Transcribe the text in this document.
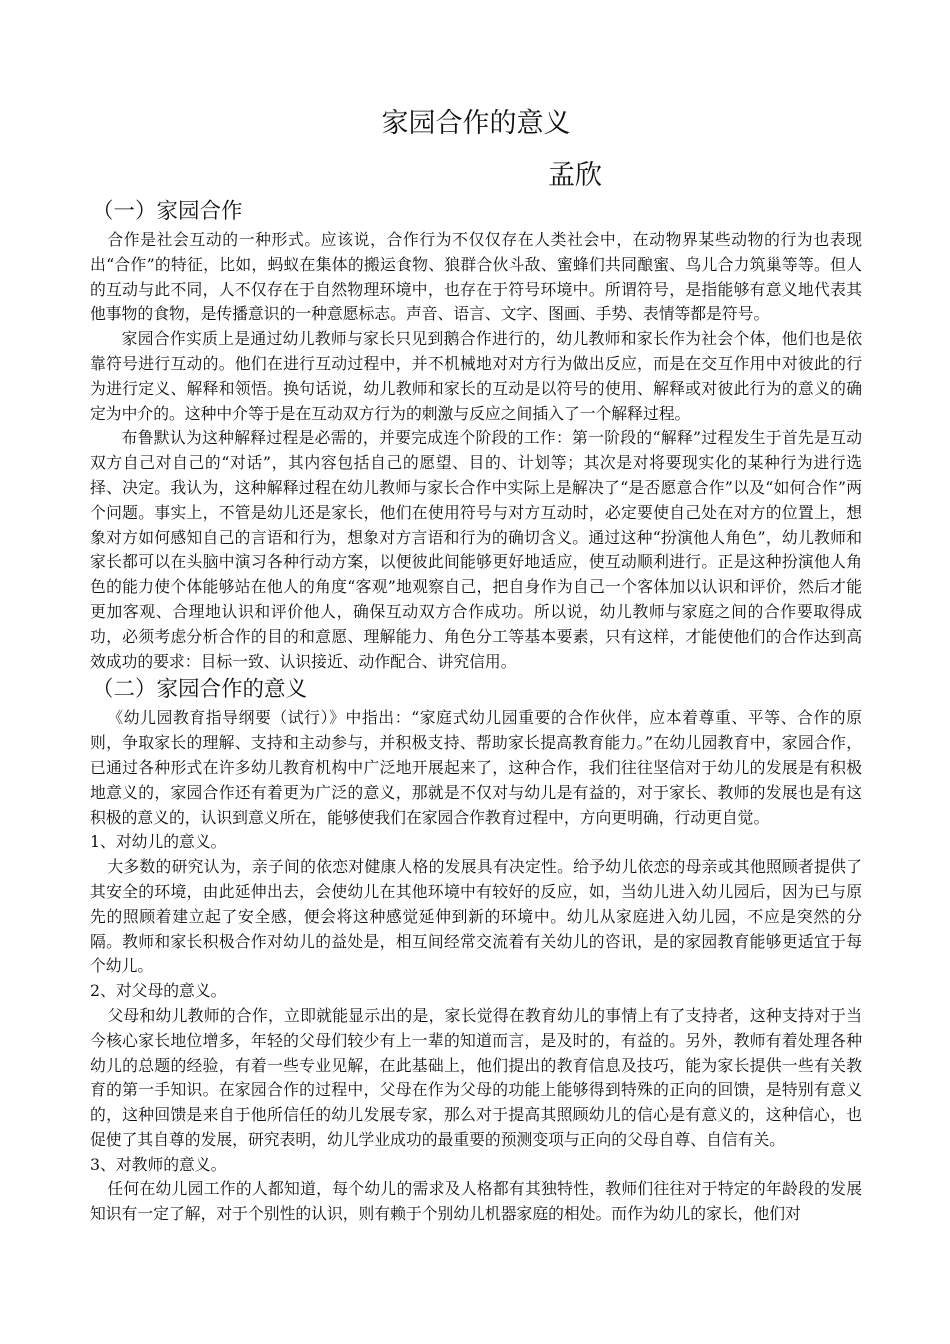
家园合作的意义
孟欣
（一）家园合作

合作是社会互动的一种形式。应该说，合作行为不仅仅存在人类社会中，在动物界某些动物的行为也表现出“合作”的特征，比如，蚂蚁在集体的搬运食物、狼群合伙斗敌、蜜蜂们共同酿蜜、鸟儿合力筑巢等等。但人的互动与此不同，人不仅存在于自然物理环境中，也存在于符号环境中。所谓符号，是指能够有意义地代表其他事物的食物，是传播意识的一种意愿标志。声音、语言、文字、图画、手势、表情等都是符号。

家园合作实质上是通过幼儿教师与家长只见到鹅合作进行的，幼儿教师和家长作为社会个体，他们也是依靠符号进行互动的。他们在进行互动过程中，并不机械地对对方行为做出反应，而是在交互作用中对彼此的行为进行定义、解释和领悟。换句话说，幼儿教师和家长的互动是以符号的使用、解释或对彼此行为的意义的确定为中介的。这种中介等于是在互动双方行为的刺激与反应之间插入了一个解释过程。

布鲁默认为这种解释过程是必需的，并要完成连个阶段的工作：第一阶段的“解释”过程发生于首先是互动双方自己对自己的“对话”，其内容包括自己的愿望、目的、计划等；其次是对将要现实化的某种行为进行选择、决定。我认为，这种解释过程在幼儿教师与家长合作中实际上是解决了“是否愿意合作”以及“如何合作”两个问题。事实上，不管是幼儿还是家长，他们在使用符号与对方互动时，必定要使自己处在对方的位置上，想象对方如何感知自己的言语和行为，想象对方言语和行为的确切含义。通过这种“扮演他人角色”，幼儿教师和家长都可以在头脑中演习各种行动方案，以便彼此间能够更好地适应，使互动顺利进行。正是这种扮演他人角色的能力使个体能够站在他人的角度“客观”地观察自己，把自身作为自己一个客体加以认识和评价，然后才能更加客观、合理地认识和评价他人，确保互动双方合作成功。所以说，幼儿教师与家庭之间的合作要取得成功，必须考虑分析合作的目的和意愿、理解能力、角色分工等基本要素，只有这样，才能使他们的合作达到高效成功的要求：目标一致、认识接近、动作配合、讲究信用。

（二）家园合作的意义

《幼儿园教育指导纲要（试行）》中指出：“家庭式幼儿园重要的合作伙伴，应本着尊重、平等、合作的原则，争取家长的理解、支持和主动参与，并积极支持、帮助家长提高教育能力。”在幼儿园教育中，家园合作，已通过各种形式在许多幼儿教育机构中广泛地开展起来了，这种合作，我们往往坚信对于幼儿的发展是有积极地意义的，家园合作还有着更为广泛的意义，那就是不仅对与幼儿是有益的，对于家长、教师的发展也是有这积极的意义的，认识到意义所在，能够使我们在家园合作教育过程中，方向更明确，行动更自觉。

1、对幼儿的意义。

大多数的研究认为，亲子间的依恋对健康人格的发展具有决定性。给予幼儿依恋的母亲或其他照顾者提供了其安全的环境，由此延伸出去，会使幼儿在其他环境中有较好的反应，如，当幼儿进入幼儿园后，因为已与原先的照顾着建立起了安全感，便会将这种感觉延伸到新的环境中。幼儿从家庭进入幼儿园，不应是突然的分隔。教师和家长积极合作对幼儿的益处是，相互间经常交流着有关幼儿的咨讯，是的家园教育能够更适宜于每个幼儿。

2、对父母的意义。

父母和幼儿教师的合作，立即就能显示出的是，家长觉得在教育幼儿的事情上有了支持者，这种支持对于当今核心家长地位增多，年轻的父母们较少有上一辈的知道而言，是及时的，有益的。另外，教师有着处理各种幼儿的总题的经验，有着一些专业见解，在此基础上，他们提出的教育信息及技巧，能为家长提供一些有关教育的第一手知识。在家园合作的过程中，父母在作为父母的功能上能够得到特殊的正向的回馈，是特别有意义的，这种回馈是来自于他所信任的幼儿发展专家，那么对于提高其照顾幼儿的信心是有意义的，这种信心，也促使了其自尊的发展，研究表明，幼儿学业成功的最重要的预测变项与正向的父母自尊、自信有关。

3、对教师的意义。

任何在幼儿园工作的人都知道，每个幼儿的需求及人格都有其独特性，教师们往往对于特定的年龄段的发展知识有一定了解，对于个别性的认识，则有赖于个别幼儿机器家庭的相处。而作为幼儿的家长，他们对
